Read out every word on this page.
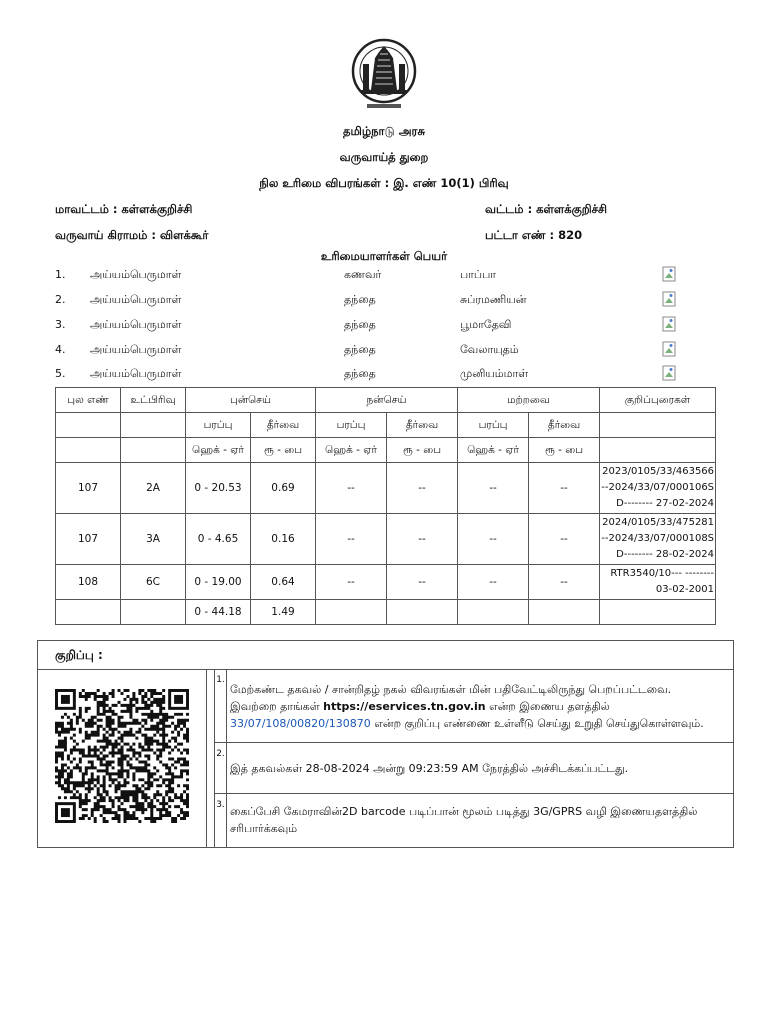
தமிழ்நாடு அரசு
வருவாய்த் துறை
நில உரிமை விபரங்கள் : இ. எண் 10(1) பிரிவு
மாவட்டம் : கள்ளக்குறிச்சி	வட்டம் : கள்ளக்குறிச்சி
வருவாய் கிராமம் : விளக்கூர்	பட்டா எண் : 820
உரிமையாளர்கள் பெயர்
1. அய்யம்பெருமாள்	கணவர்	பாப்பா
2. அய்யம்பெருமாள்	தந்தை	சுப்ரமணியன்
3. அய்யம்பெருமாள்	தந்தை	பூமாதேவி
4. அய்யம்பெருமாள்	தந்தை	வேலாயுதம்
5. அய்யம்பெருமாள்	தந்தை	முனியம்மாள்
புல எண்	உட்பிரிவு	புன்செய்		நன்செய்		மற்றவை		குறிப்புரைகள்
		பரப்பு	தீர்வை	பரப்பு	தீர்வை	பரப்பு	தீர்வை	
		ஹெக் - ஏர்	ரூ - பை	ஹெக் - ஏர்	ரூ - பை	ஹெக் - ஏர்	ரூ - பை	
107	2A	0 - 20.53	0.69	--	--	--	--	2023/0105/33/463566--2024/33/07/000106SD-------- 27-02-2024
107	3A	0 - 4.65	0.16	--	--	--	--	2024/0105/33/475281--2024/33/07/000108SD-------- 28-02-2024
108	6C	0 - 19.00	0.64	--	--	--	--	RTR3540/10--- -------- 03-02-2001
		0 - 44.18	1.49					
குறிப்பு :
1.
மேற்கண்ட தகவல் / சான்றிதழ் நகல் விவரங்கள் மின் பதிவேட்டிலிருந்து பெறப்பட்டவை.
இவற்றை தாங்கள் https://eservices.tn.gov.in என்ற இணைய தளத்தில்
33/07/108/00820/130870 என்ற குறிப்பு எண்ணை உள்ளீடு செய்து உறுதி செய்துகொள்ளவும்.
2.
இத் தகவல்கள் 28-08-2024 அன்று 09:23:59 AM நேரத்தில் அச்சிடக்கப்பட்டது.
3. கைப்பேசி கேமராவின்2D barcode படிப்பான் மூலம் படித்து 3G/GPRS வழி இணையதளத்தில் சரிபார்க்கவும்
